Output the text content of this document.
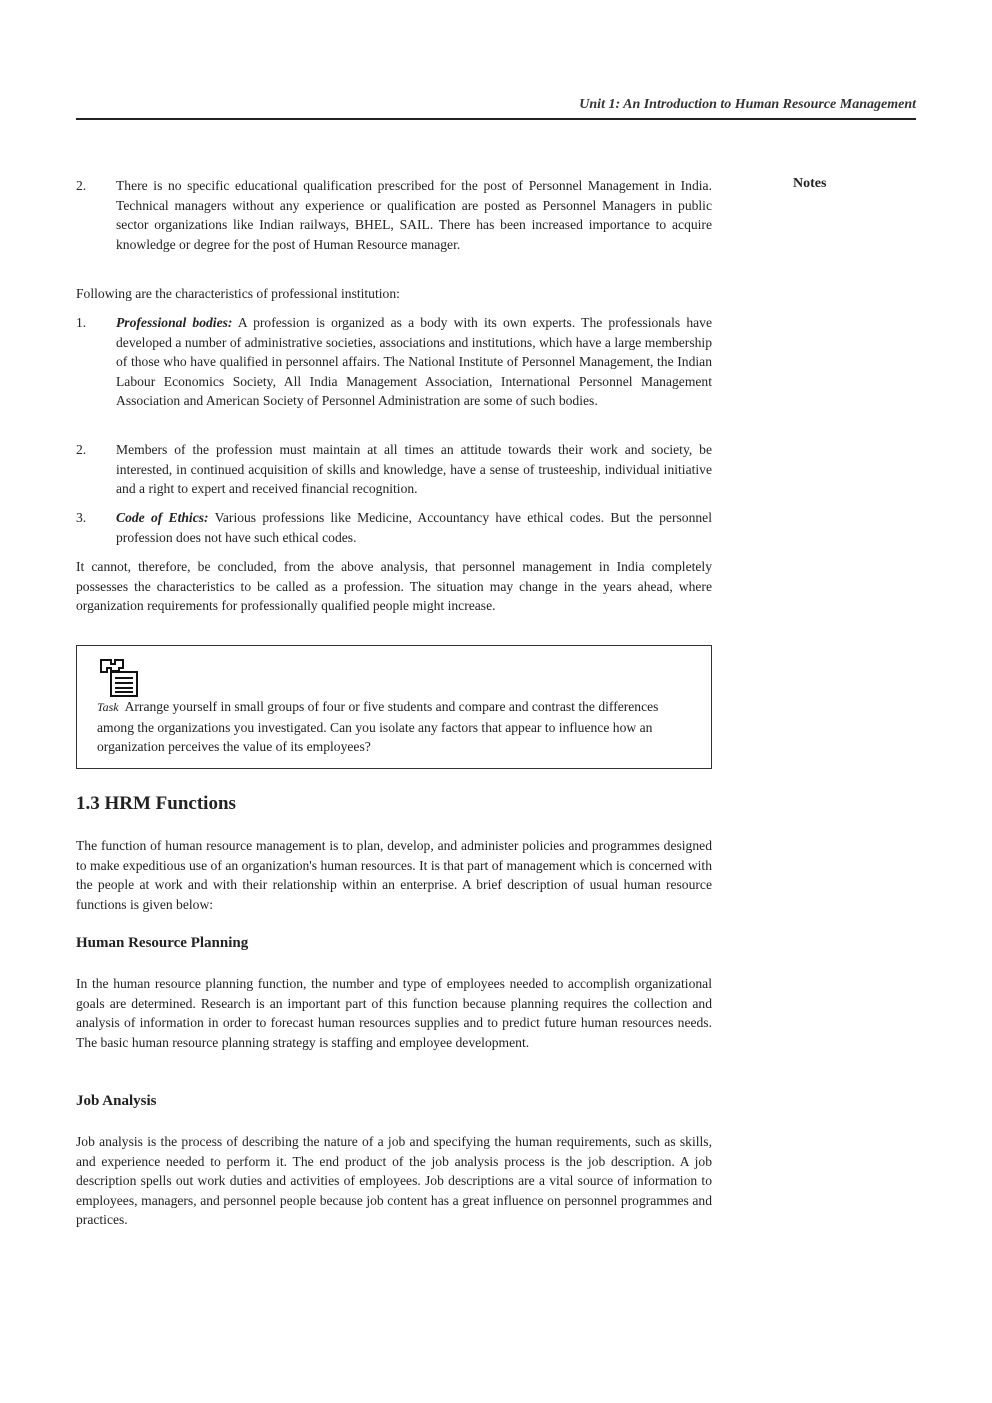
Unit 1: An Introduction to Human Resource Management
Notes
2.	There is no specific educational qualification prescribed for the post of Personnel Management in India. Technical managers without any experience or qualification are posted as Personnel Managers in public sector organizations like Indian railways, BHEL, SAIL. There has been increased importance to acquire knowledge or degree for the post of Human Resource manager.
Following are the characteristics of professional institution:
1.	Professional bodies: A profession is organized as a body with its own experts. The professionals have developed a number of administrative societies, associations and institutions, which have a large membership of those who have qualified in personnel affairs. The National Institute of Personnel Management, the Indian Labour Economics Society, All India Management Association, International Personnel Management Association and American Society of Personnel Administration are some of such bodies.
2.	Members of the profession must maintain at all times an attitude towards their work and society, be interested, in continued acquisition of skills and knowledge, have a sense of trusteeship, individual initiative and a right to expert and received financial recognition.
3.	Code of Ethics: Various professions like Medicine, Accountancy have ethical codes. But the personnel profession does not have such ethical codes.
It cannot, therefore, be concluded, from the above analysis, that personnel management in India completely possesses the characteristics to be called as a profession. The situation may change in the years ahead, where organization requirements for professionally qualified people might increase.
Task Arrange yourself in small groups of four or five students and compare and contrast the differences among the organizations you investigated. Can you isolate any factors that appear to influence how an organization perceives the value of its employees?
1.3 HRM Functions
The function of human resource management is to plan, develop, and administer policies and programmes designed to make expeditious use of an organization's human resources. It is that part of management which is concerned with the people at work and with their relationship within an enterprise. A brief description of usual human resource functions is given below:
Human Resource Planning
In the human resource planning function, the number and type of employees needed to accomplish organizational goals are determined. Research is an important part of this function because planning requires the collection and analysis of information in order to forecast human resources supplies and to predict future human resources needs. The basic human resource planning strategy is staffing and employee development.
Job Analysis
Job analysis is the process of describing the nature of a job and specifying the human requirements, such as skills, and experience needed to perform it. The end product of the job analysis process is the job description. A job description spells out work duties and activities of employees. Job descriptions are a vital source of information to employees, managers, and personnel people because job content has a great influence on personnel programmes and practices.
